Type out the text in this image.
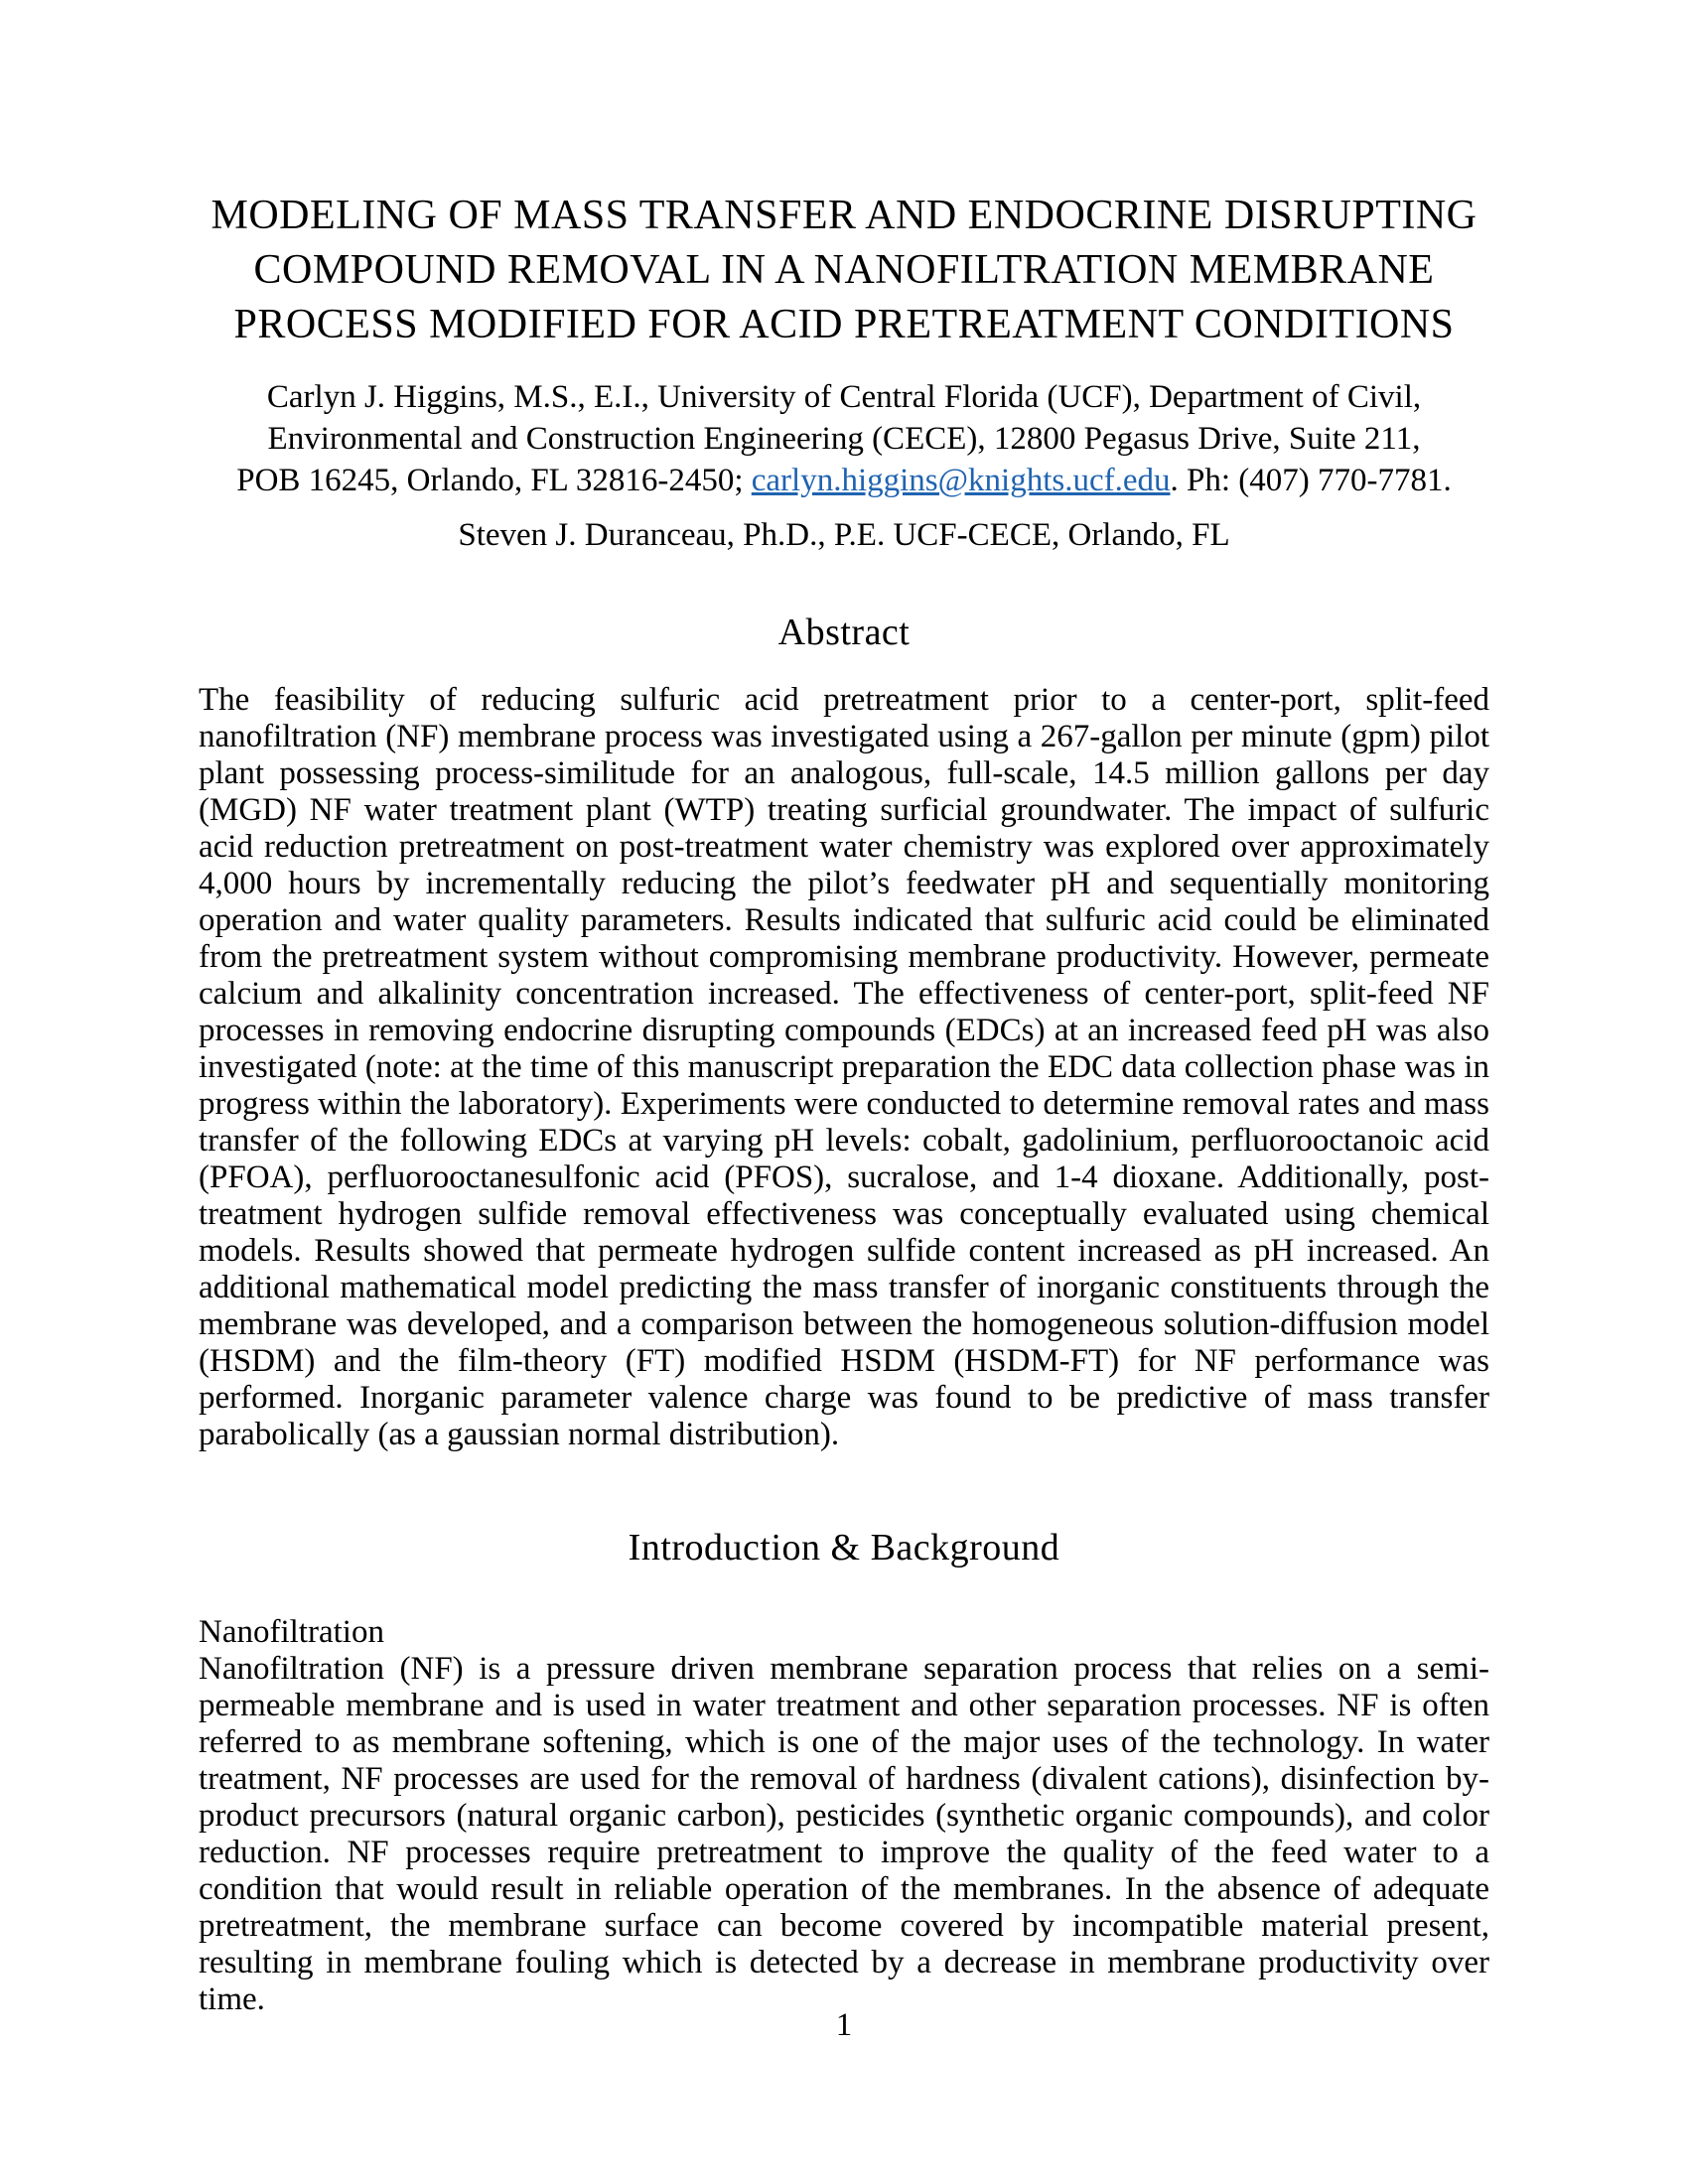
MODELING OF MASS TRANSFER AND ENDOCRINE DISRUPTING
COMPOUND REMOVAL IN A NANOFILTRATION MEMBRANE
PROCESS MODIFIED FOR ACID PRETREATMENT CONDITIONS
Carlyn J. Higgins, M.S., E.I., University of Central Florida (UCF), Department of Civil,
Environmental and Construction Engineering (CECE), 12800 Pegasus Drive, Suite 211,
POB 16245, Orlando, FL 32816-2450; carlyn.higgins@knights.ucf.edu. Ph: (407) 770-7781.
Steven J. Duranceau, Ph.D., P.E. UCF-CECE, Orlando, FL
Abstract

The feasibility of reducing sulfuric acid pretreatment prior to a center-port, split-feed nanofiltration (NF) membrane process was investigated using a 267-gallon per minute (gpm) pilot plant possessing process-similitude for an analogous, full-scale, 14.5 million gallons per day (MGD) NF water treatment plant (WTP) treating surficial groundwater. The impact of sulfuric acid reduction pretreatment on post-treatment water chemistry was explored over approximately 4,000 hours by incrementally reducing the pilot’s feedwater pH and sequentially monitoring operation and water quality parameters. Results indicated that sulfuric acid could be eliminated from the pretreatment system without compromising membrane productivity. However, permeate calcium and alkalinity concentration increased. The effectiveness of center-port, split-feed NF processes in removing endocrine disrupting compounds (EDCs) at an increased feed pH was also investigated (note: at the time of this manuscript preparation the EDC data collection phase was in progress within the laboratory). Experiments were conducted to determine removal rates and mass transfer of the following EDCs at varying pH levels: cobalt, gadolinium, perfluorooctanoic acid (PFOA), perfluorooctanesulfonic acid (PFOS), sucralose, and 1-4 dioxane. Additionally, post-treatment hydrogen sulfide removal effectiveness was conceptually evaluated using chemical models. Results showed that permeate hydrogen sulfide content increased as pH increased. An additional mathematical model predicting the mass transfer of inorganic constituents through the membrane was developed, and a comparison between the homogeneous solution-diffusion model (HSDM) and the film-theory (FT) modified HSDM (HSDM-FT) for NF performance was performed. Inorganic parameter valence charge was found to be predictive of mass transfer parabolically (as a gaussian normal distribution).

Introduction & Background
Nanofiltration

Nanofiltration (NF) is a pressure driven membrane separation process that relies on a semi-permeable membrane and is used in water treatment and other separation processes. NF is often referred to as membrane softening, which is one of the major uses of the technology. In water treatment, NF processes are used for the removal of hardness (divalent cations), disinfection by-product precursors (natural organic carbon), pesticides (synthetic organic compounds), and color reduction. NF processes require pretreatment to improve the quality of the feed water to a condition that would result in reliable operation of the membranes. In the absence of adequate pretreatment, the membrane surface can become covered by incompatible material present, resulting in membrane fouling which is detected by a decrease in membrane productivity over time.

1
